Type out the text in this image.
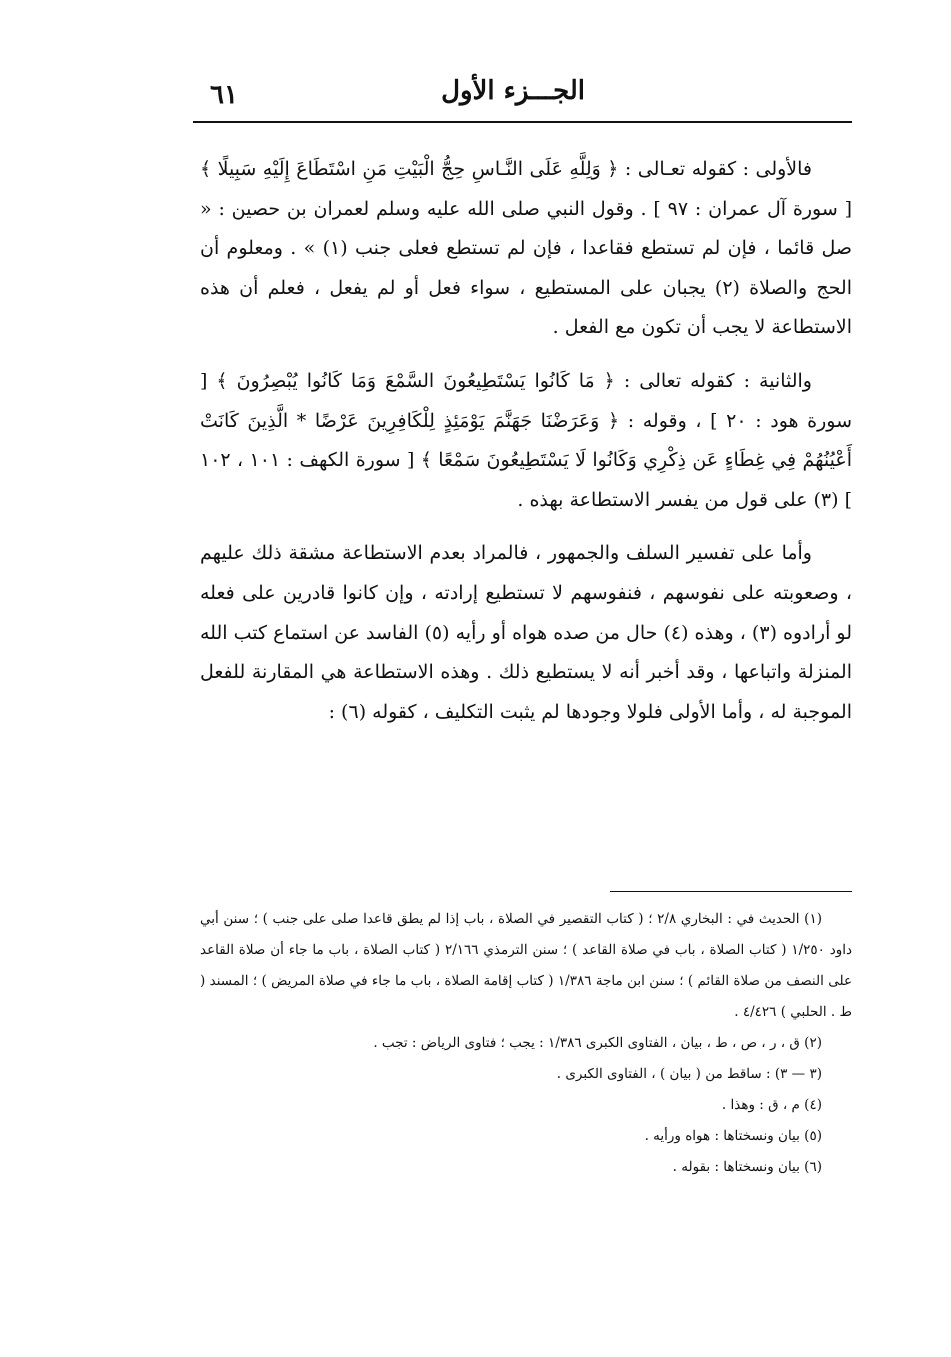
الجـــزء الأول
٦١

فالأولى : كقوله تعـالى : ﴿ وَلِلَّهِ عَلَى النَّـاسِ حِجُّ الْبَيْتِ مَنِ اسْتَطَاعَ إِلَيْهِ سَبِيلًا ﴾ [ سورة آل عمران : ٩٧ ] . وقول النبي صلى الله عليه وسلم لعمران بن حصين : « صل قائما ، فإن لم تستطع فقاعدا ، فإن لم تستطع فعلى جنب (١) » . ومعلوم أن الحج والصلاة (٢) يجبان على المستطيع ، سواء فعل أو لم يفعل ، فعلم أن هذه الاستطاعة لا يجب أن تكون مع الفعل .

والثانية : كقوله تعالى : ﴿ مَا كَانُوا يَسْتَطِيعُونَ السَّمْعَ وَمَا كَانُوا يُبْصِرُونَ ﴾ [ سورة هود : ٢٠ ] ، وقوله : ﴿ وَعَرَضْنَا جَهَنَّمَ يَوْمَئِذٍ لِلْكَافِرِينَ عَرْضًا * الَّذِينَ كَانَتْ أَعْيُنُهُمْ فِي غِطَاءٍ عَن ذِكْرِي وَكَانُوا لَا يَسْتَطِيعُونَ سَمْعًا ﴾ [ سورة الكهف : ١٠١ ، ١٠٢ ] (٣) على قول من يفسر الاستطاعة بهذه .

وأما على تفسير السلف والجمهور ، فالمراد بعدم الاستطاعة مشقة ذلك عليهم ، وصعوبته على نفوسهم ، فنفوسهم لا تستطيع إرادته ، وإن كانوا قادرين على فعله لو أرادوه (٣) ، وهذه (٤) حال من صده هواه أو رأيه (٥) الفاسد عن استماع كتب الله المنزلة واتباعها ، وقد أخبر أنه لا يستطيع ذلك . وهذه الاستطاعة هي المقارنة للفعل الموجبة له ، وأما الأولى فلولا وجودها لم يثبت التكليف ، كقوله (٦) :

(١) الحديث في : البخاري ٢/٨ ؛ ( كتاب التقصير في الصلاة ، باب إذا لم يطق قاعدا صلى على جنب ) ؛ سنن أبي داود ١/٢٥٠ ( كتاب الصلاة ، باب في صلاة القاعد ) ؛ سنن الترمذي ٢/١٦٦ ( كتاب الصلاة ، باب ما جاء أن صلاة القاعد على النصف من صلاة القائم ) ؛ سنن ابن ماجة ١/٣٨٦ ( كتاب إقامة الصلاة ، باب ما جاء في صلاة المريض ) ؛ المسند ( ط . الحلبي ) ٤/٤٢٦ .

(٢) ق ، ر ، ص ، ط ، بيان ، الفتاوى الكبرى ١/٣٨٦ : يجب ؛ فتاوى الرياض : تجب .

(٣ — ٣) : ساقط من ( بيان ) ، الفتاوى الكبرى .

(٤) م ، ق : وهذا .

(٥) بيان ونسختاها : هواه ورأيه .

(٦) بيان ونسختاها : بقوله .
